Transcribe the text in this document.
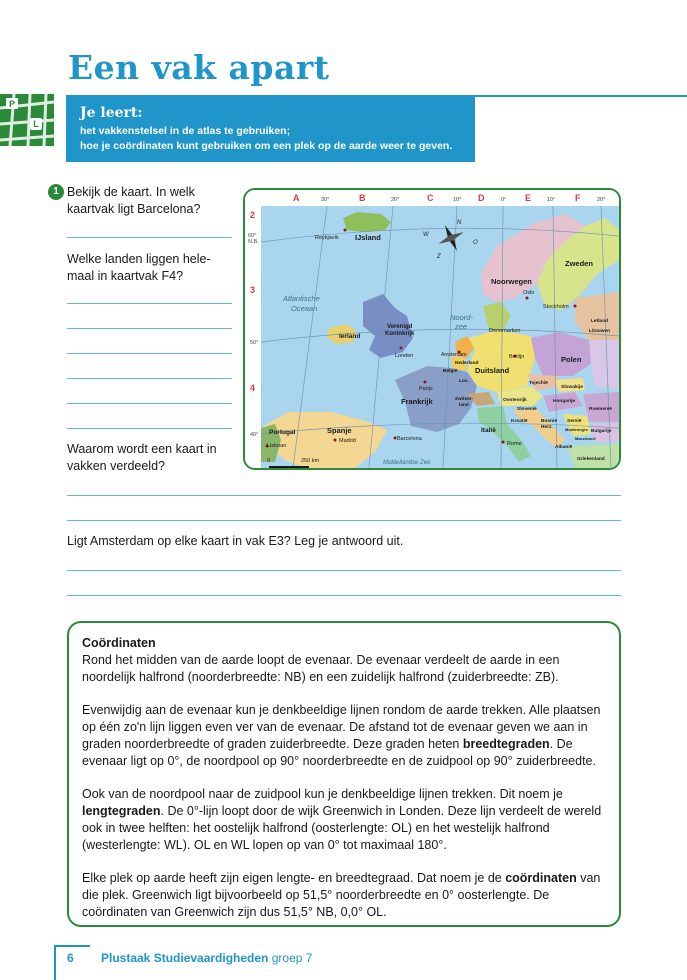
Een vak apart
P
L
Je leert:
het vakkenstelsel in de atlas te gebruiken;
hoe je coördinaten kunt gebruiken om een plek op de aarde weer te geven.
1 Bekijk de kaart. In welk
kaartvak ligt Barcelona?
Welke landen liggen hele-
maal in kaartvak F4?
Waarom wordt een kaart in
vakken verdeeld?
Ligt Amsterdam op elke kaart in vak E3? Leg je antwoord uit.
A	B	C	D	E	F
30°	20°	10°	0°	10°	20°
2
3
4
60°
N.B.
50°
40°
N
O
Z
W
Atlantische
Oceaan
Noord-
zee
Middellandse Zee
IJsland
Ierland
Verenigd
Koninkrijk
Noorwegen
Zweden
Denemarken
Duitsland
Polen
Frankrijk
Spanje
Portugal	Italië
Nederland
België
Lux.
Zwitser-
land
Oostenrijk
Tsjechië
Slowakije
Hongarije
Roemenië
Slovenië
Kroatië	Bosnië
Herz.
Servië
Montenegro Bulgarije
Macedonië
Albanië
Griekenland
Letland
Litouwen
Reykjavík
Oslo
Stockholm
Londen	Amsterdam	Berlijn
Parijs
Madrid
Lisboan
Barcelona
Rome
0	250 km
Coördinaten

Rond het midden van de aarde loopt de evenaar. De evenaar verdeelt de aarde in een noordelijk halfrond (noorderbreedte: NB) en een zuidelijk halfrond (zuiderbreedte: ZB).

Evenwijdig aan de evenaar kun je denkbeeldige lijnen rondom de aarde trekken. Alle plaatsen op één zo'n lijn liggen even ver van de evenaar. De afstand tot de evenaar geven we aan in graden noorderbreedte of graden zuiderbreedte. Deze graden heten breedtegraden. De evenaar ligt op 0°, de noordpool op 90° noorderbreedte en de zuidpool op 90° zuiderbreedte.

Ook van de noordpool naar de zuidpool kun je denkbeeldige lijnen trekken. Dit noem je lengtegraden. De 0°-lijn loopt door de wijk Greenwich in Londen. Deze lijn verdeelt de wereld ook in twee helften: het oostelijk halfrond (oosterlengte: OL) en het westelijk halfrond (westerlengte: WL). OL en WL lopen op van 0° tot maximaal 180°.

Elke plek op aarde heeft zijn eigen lengte- en breedtegraad. Dat noem je de coördinaten van die plek. Greenwich ligt bijvoorbeeld op 51,5° noorderbreedte en 0° oosterlengte. De coördinaten van Greenwich zijn dus 51,5° NB, 0,0° OL.

6 Plustaak Studievaardigheden groep 7
